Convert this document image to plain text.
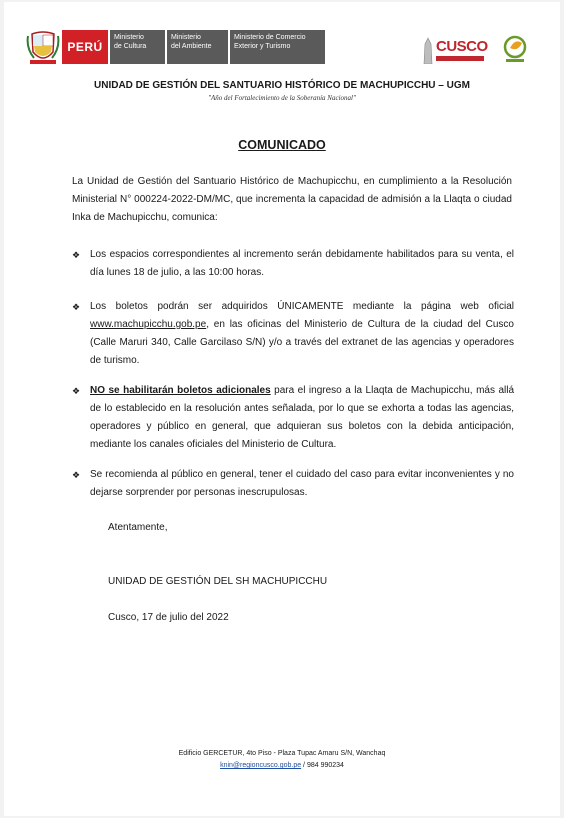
PERÚ
Ministerio
de Cultura
Ministerio
del Ambiente
Ministerio de Comercio
Exterior y Turismo	CUSCO
UNIDAD DE GESTIÓN DEL SANTUARIO HISTÓRICO DE MACHUPICCHU – UGM
"Año del Fortalecimiento de la Soberanía Nacional"
COMUNICADO
La Unidad de Gestión del Santuario Histórico de Machupicchu, en cumplimiento a la Resolución Ministerial N° 000224-2022-DM/MC, que incrementa la capacidad de admisión a la Llaqta o ciudad Inka de Machupicchu, comunica:
❖ Los espacios correspondientes al incremento serán debidamente habilitados para su venta, el día lunes 18 de julio, a las 10:00 horas.
❖ Los boletos podrán ser adquiridos ÚNICAMENTE mediante la página web oficial www.machupicchu.gob.pe, en las oficinas del Ministerio de Cultura de la ciudad del Cusco (Calle Maruri 340, Calle Garcilaso S/N) y/o a través del extranet de las agencias y operadores de turismo.
❖ NO se habilitarán boletos adicionales para el ingreso a la Llaqta de Machupicchu, más allá de lo establecido en la resolución antes señalada, por lo que se exhorta a todas las agencias, operadores y público en general, que adquieran sus boletos con la debida anticipación, mediante los canales oficiales del Ministerio de Cultura.
❖ Se recomienda al público en general, tener el cuidado del caso para evitar inconvenientes y no dejarse sorprender por personas inescrupulosas.
Atentamente,
UNIDAD DE GESTIÓN DEL SH MACHUPICCHU
Cusco, 17 de julio del 2022
Edificio GERCETUR, 4to Piso - Plaza Tupac Amaru S/N, Wanchaq
knin@regioncusco.gob.pe / 984 990234
